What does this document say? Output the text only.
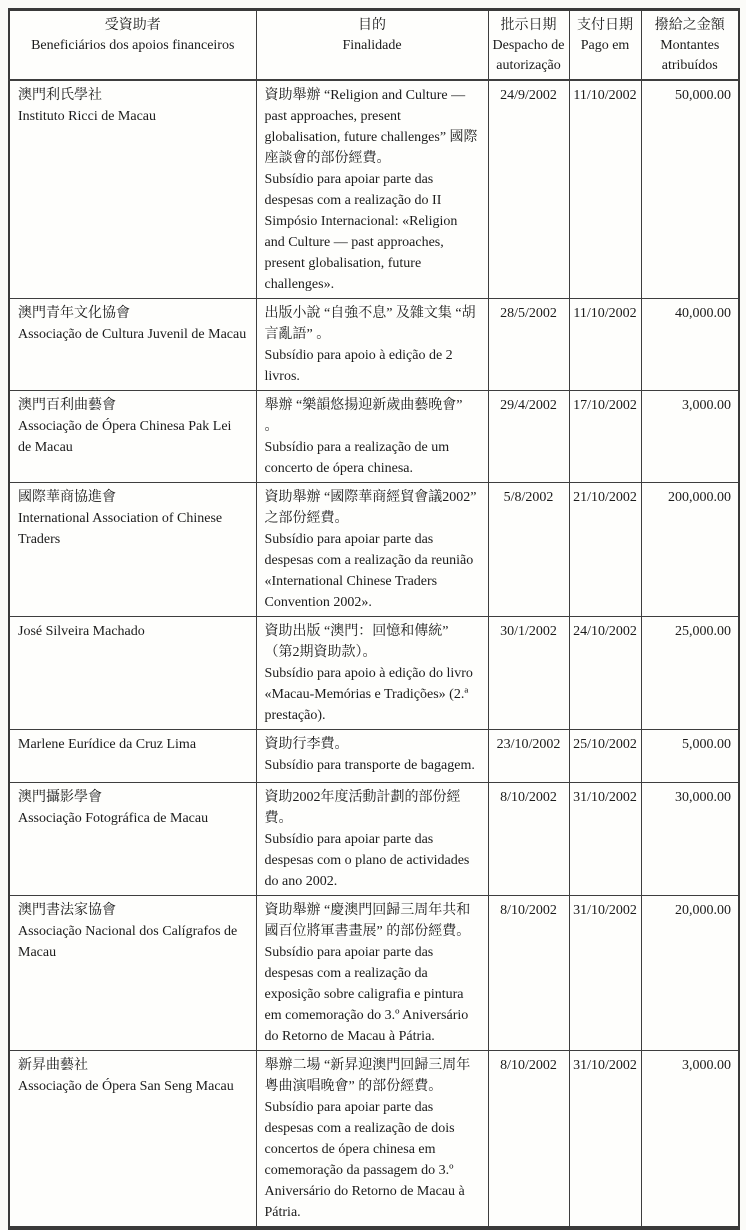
受資助者
Beneficiários dos apoios financeiros

目的
Finalidade

批示日期
Despacho de autorização

支付日期
Pago em

撥給之金額
Montantes atribuídos

澳門利氏學社
Instituto Ricci de Macau

資助舉辦 “Religion and Culture — past approaches, present globalisation, future challenges” 國際座談會的部份經費。
Subsídio para apoiar parte das despesas com a realização do II Simpósio Internacional: «Religion and Culture — past approaches, present globalisation, future challenges».
	24/9/2002	11/10/2002	50,000.00

澳門青年文化協會
Associação de Cultura Juvenil de Macau

出版小說 “自強不息” 及雜文集 “胡言亂語” 。
Subsídio para apoio à edição de 2 livros.
	28/5/2002	11/10/2002	40,000.00

澳門百利曲藝會
Associação de Ópera Chinesa Pak Lei de Macau

舉辦 “樂韻悠揚迎新歲曲藝晚會” 。
Subsídio para a realização de um concerto de ópera chinesa.
	29/4/2002	17/10/2002	3,000.00

國際華商協進會
International Association of Chinese Traders

資助舉辦 “國際華商經貿會議2002” 之部份經費。
Subsídio para apoiar parte das despesas com a realização da reunião «International Chinese Traders Convention 2002».
	5/8/2002	21/10/2002	200,000.00

José Silveira Machado	資助出版 “澳門：回憶和傳統” （第2期資助款）。
Subsídio para apoio à edição do livro «Macau-Memórias e Tradições» (2.ª prestação).	30/1/2002	24/10/2002	25,000.00

Marlene Eurídice da Cruz Lima	資助行李費。
Subsídio para transporte de bagagem.	23/10/2002	25/10/2002	5,000.00

澳門攝影學會
Associação Fotográfica de Macau

資助2002年度活動計劃的部份經費。
Subsídio para apoiar parte das despesas com o plano de actividades do ano 2002.
	8/10/2002	31/10/2002	30,000.00

澳門書法家協會
Associação Nacional dos Calígrafos de Macau

資助舉辦 “慶澳門回歸三周年共和國百位將軍書畫展” 的部份經費。
Subsídio para apoiar parte das despesas com a realização da exposição sobre caligrafia e pintura em comemoração do 3.º Aniversário do Retorno de Macau à Pátria.
	8/10/2002	31/10/2002	20,000.00

新昇曲藝社
Associação de Ópera San Seng Macau

舉辦二場 “新昇迎澳門回歸三周年粵曲演唱晚會” 的部份經費。
Subsídio para apoiar parte das despesas com a realização de dois concertos de ópera chinesa em comemoração da passagem do 3.º Aniversário do Retorno de Macau à Pátria.
	8/10/2002	31/10/2002	3,000.00
